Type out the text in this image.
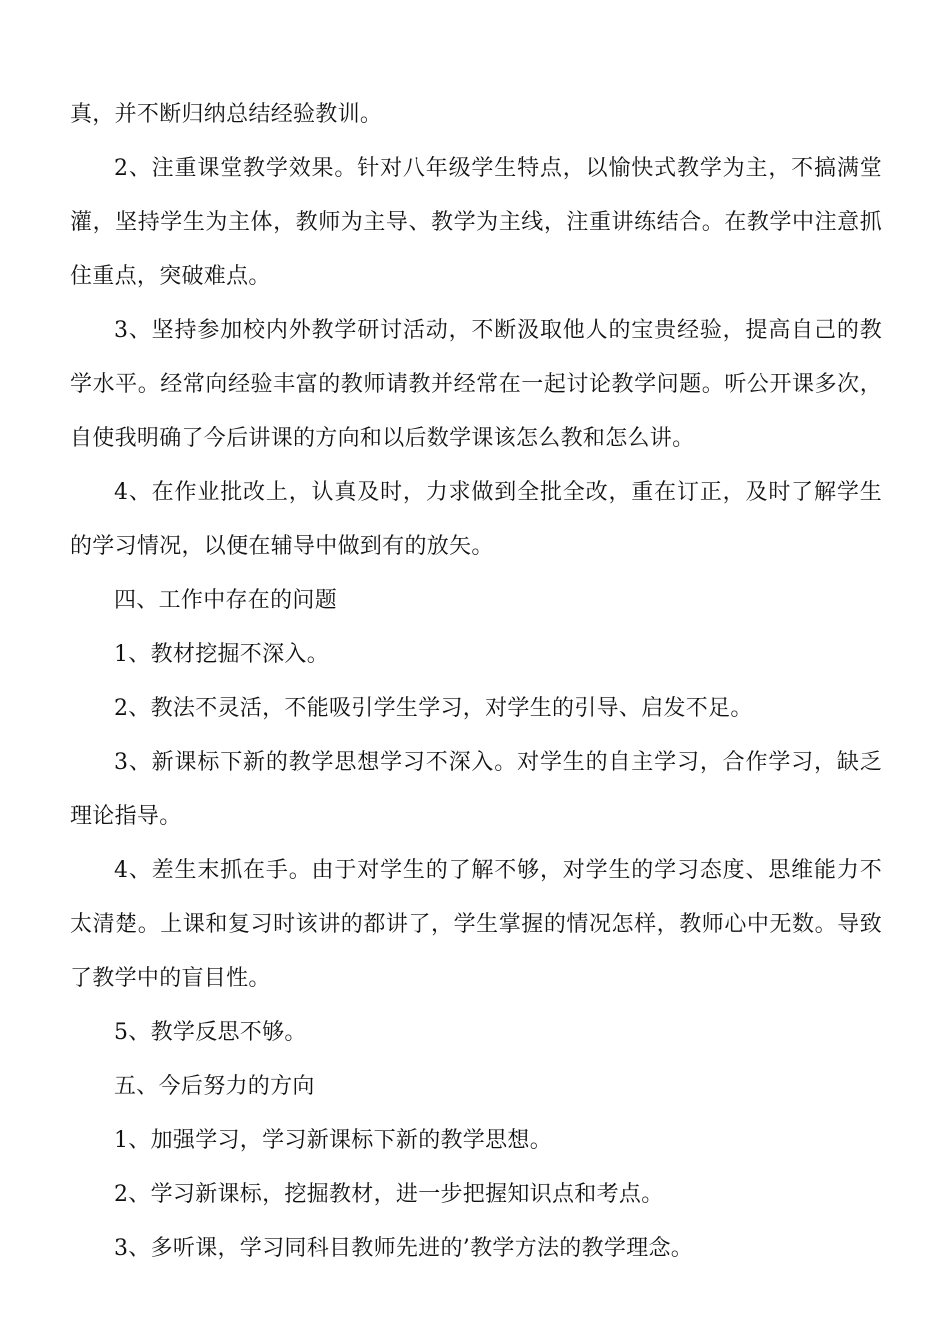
真，并不断归纳总结经验教训。

2、注重课堂教学效果。针对八年级学生特点，以愉快式教学为主，不搞满堂灌，坚持学生为主体，教师为主导、教学为主线，注重讲练结合。在教学中注意抓住重点，突破难点。

3、坚持参加校内外教学研讨活动，不断汲取他人的宝贵经验，提高自己的教学水平。经常向经验丰富的教师请教并经常在一起讨论教学问题。听公开课多次，自使我明确了今后讲课的方向和以后数学课该怎么教和怎么讲。

4、在作业批改上，认真及时，力求做到全批全改，重在订正，及时了解学生的学习情况，以便在辅导中做到有的放矢。

四、工作中存在的问题

1、教材挖掘不深入。

2、教法不灵活，不能吸引学生学习，对学生的引导、启发不足。

3、新课标下新的教学思想学习不深入。对学生的自主学习，合作学习，缺乏理论指导。

4、差生末抓在手。由于对学生的了解不够，对学生的学习态度、思维能力不太清楚。上课和复习时该讲的都讲了，学生掌握的情况怎样，教师心中无数。导致了教学中的盲目性。

5、教学反思不够。

五、今后努力的方向

1、加强学习，学习新课标下新的教学思想。

2、学习新课标，挖掘教材，进一步把握知识点和考点。

3、多听课，学习同科目教师先进的’教学方法的教学理念。
